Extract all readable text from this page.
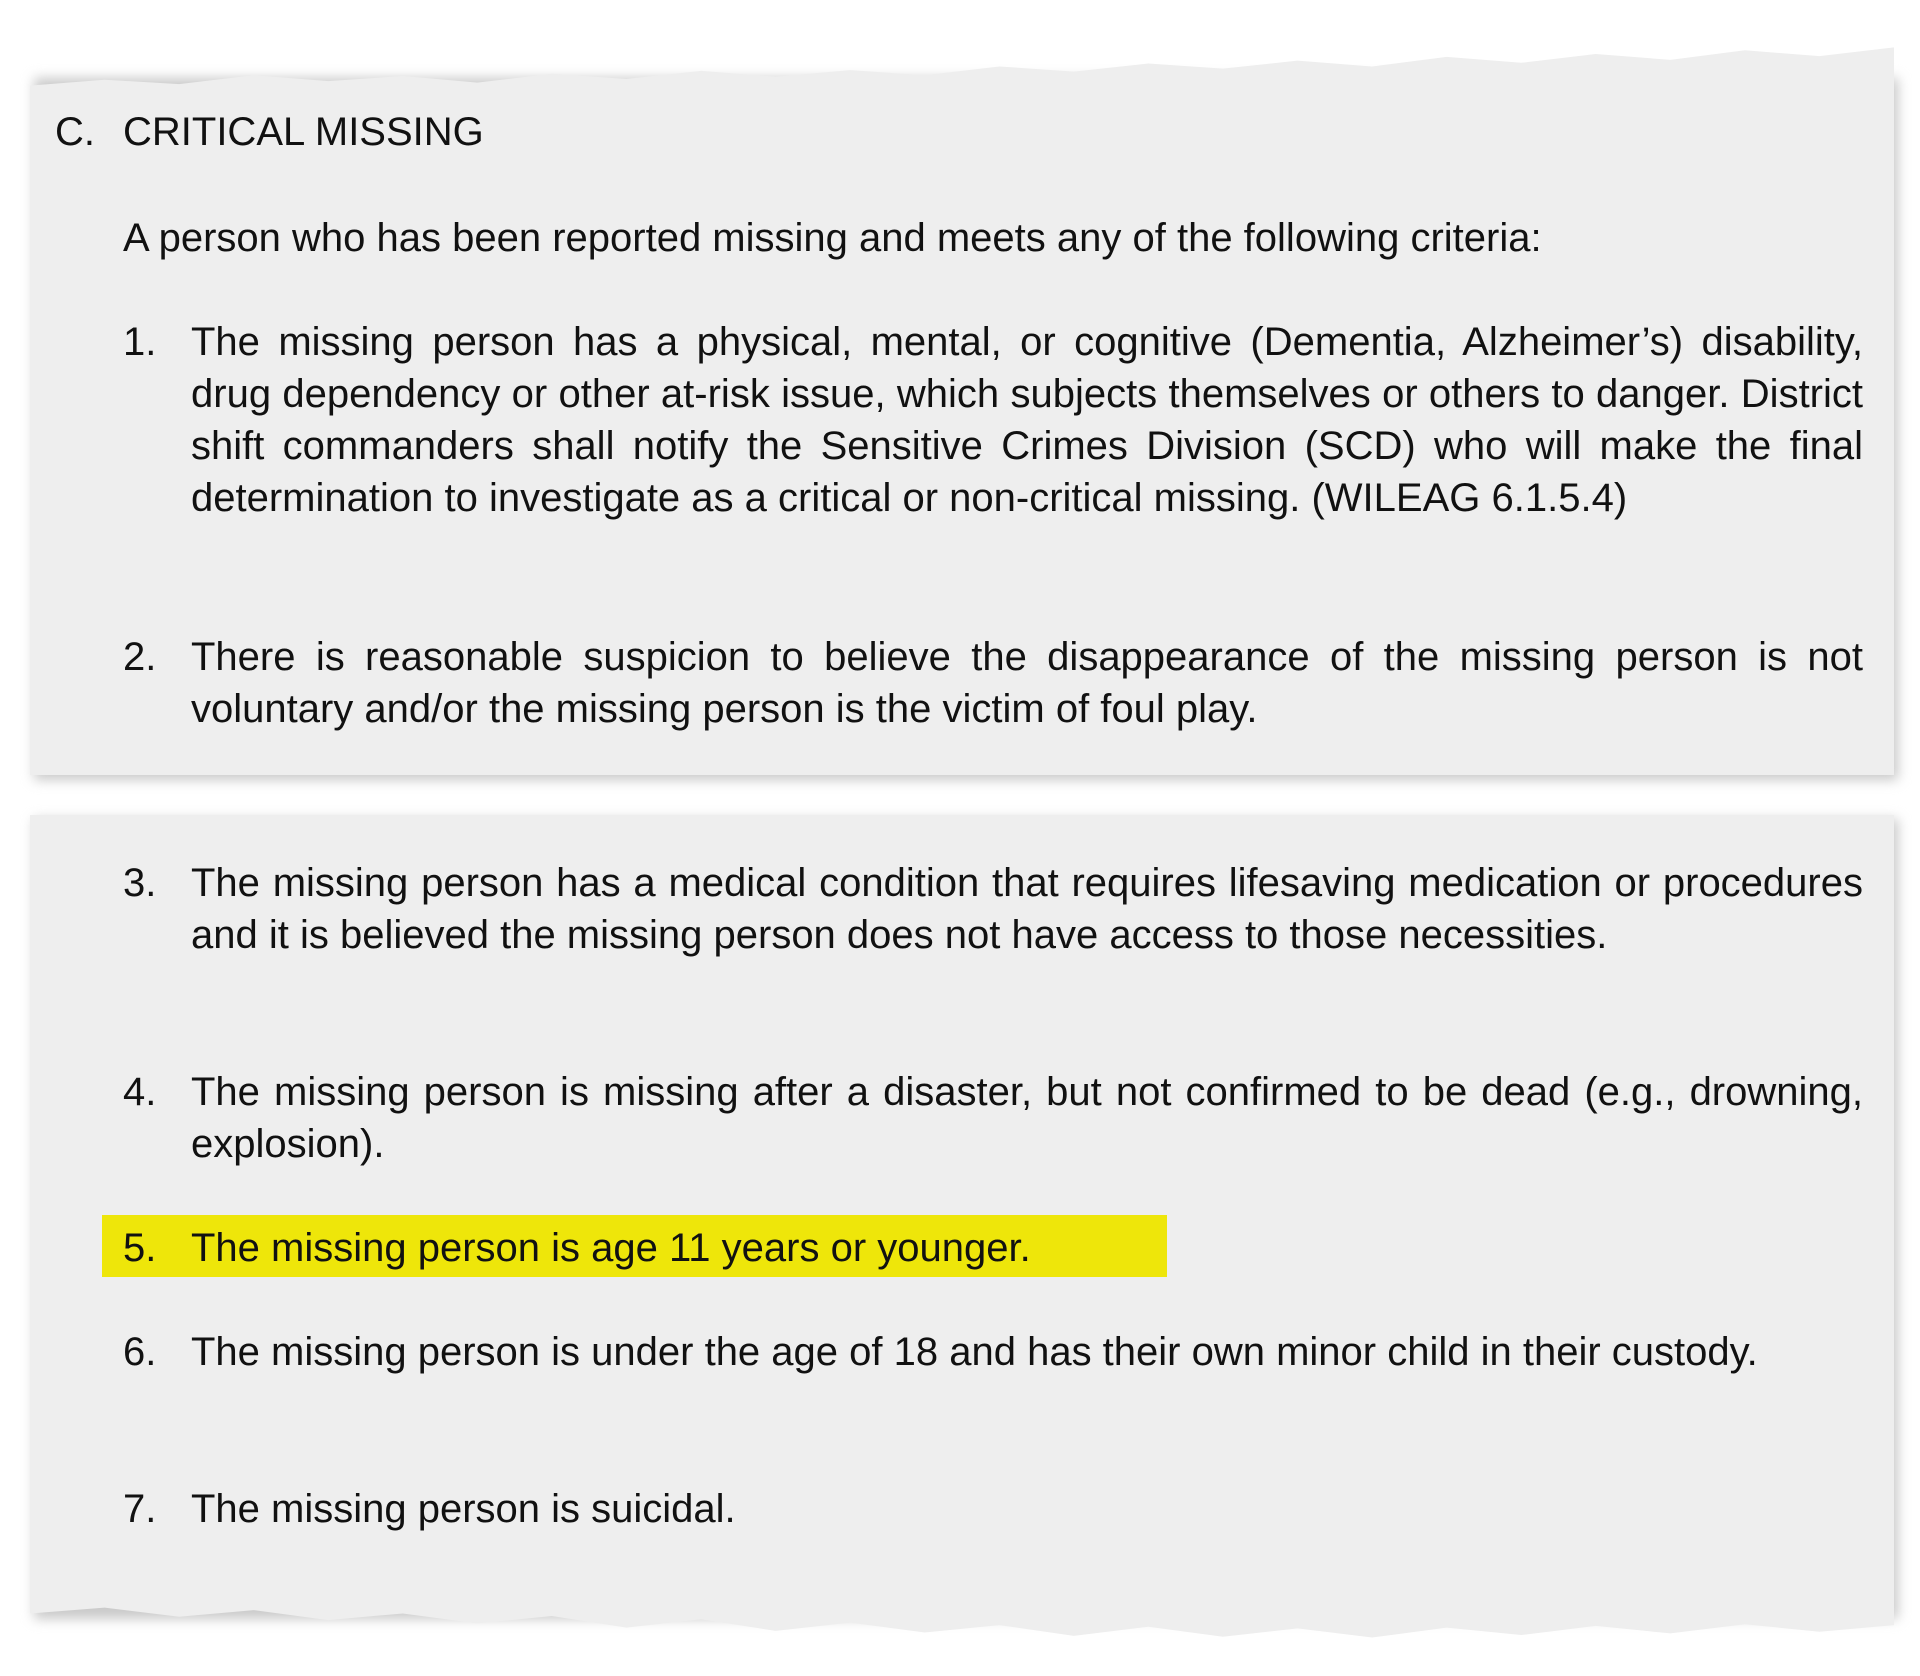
C. CRITICAL MISSING
A person who has been reported missing and meets any of the following criteria:
1. The missing person has a physical, mental, or cognitive (Dementia, Alzheimer’s) disability, drug dependency or other at-risk issue, which subjects themselves or others to danger. District shift commanders shall notify the Sensitive Crimes Division (SCD) who will make the final determination to investigate as a critical or non-critical missing. (WILEAG 6.1.5.4)
2. There is reasonable suspicion to believe the disappearance of the missing person is not voluntary and/or the missing person is the victim of foul play.
3. The missing person has a medical condition that requires lifesaving medication or procedures and it is believed the missing person does not have access to those necessities.
4. The missing person is missing after a disaster, but not confirmed to be dead (e.g., drowning, explosion).
5. The missing person is age 11 years or younger.
6. The missing person is under the age of 18 and has their own minor child in their custody.
7. The missing person is suicidal.
